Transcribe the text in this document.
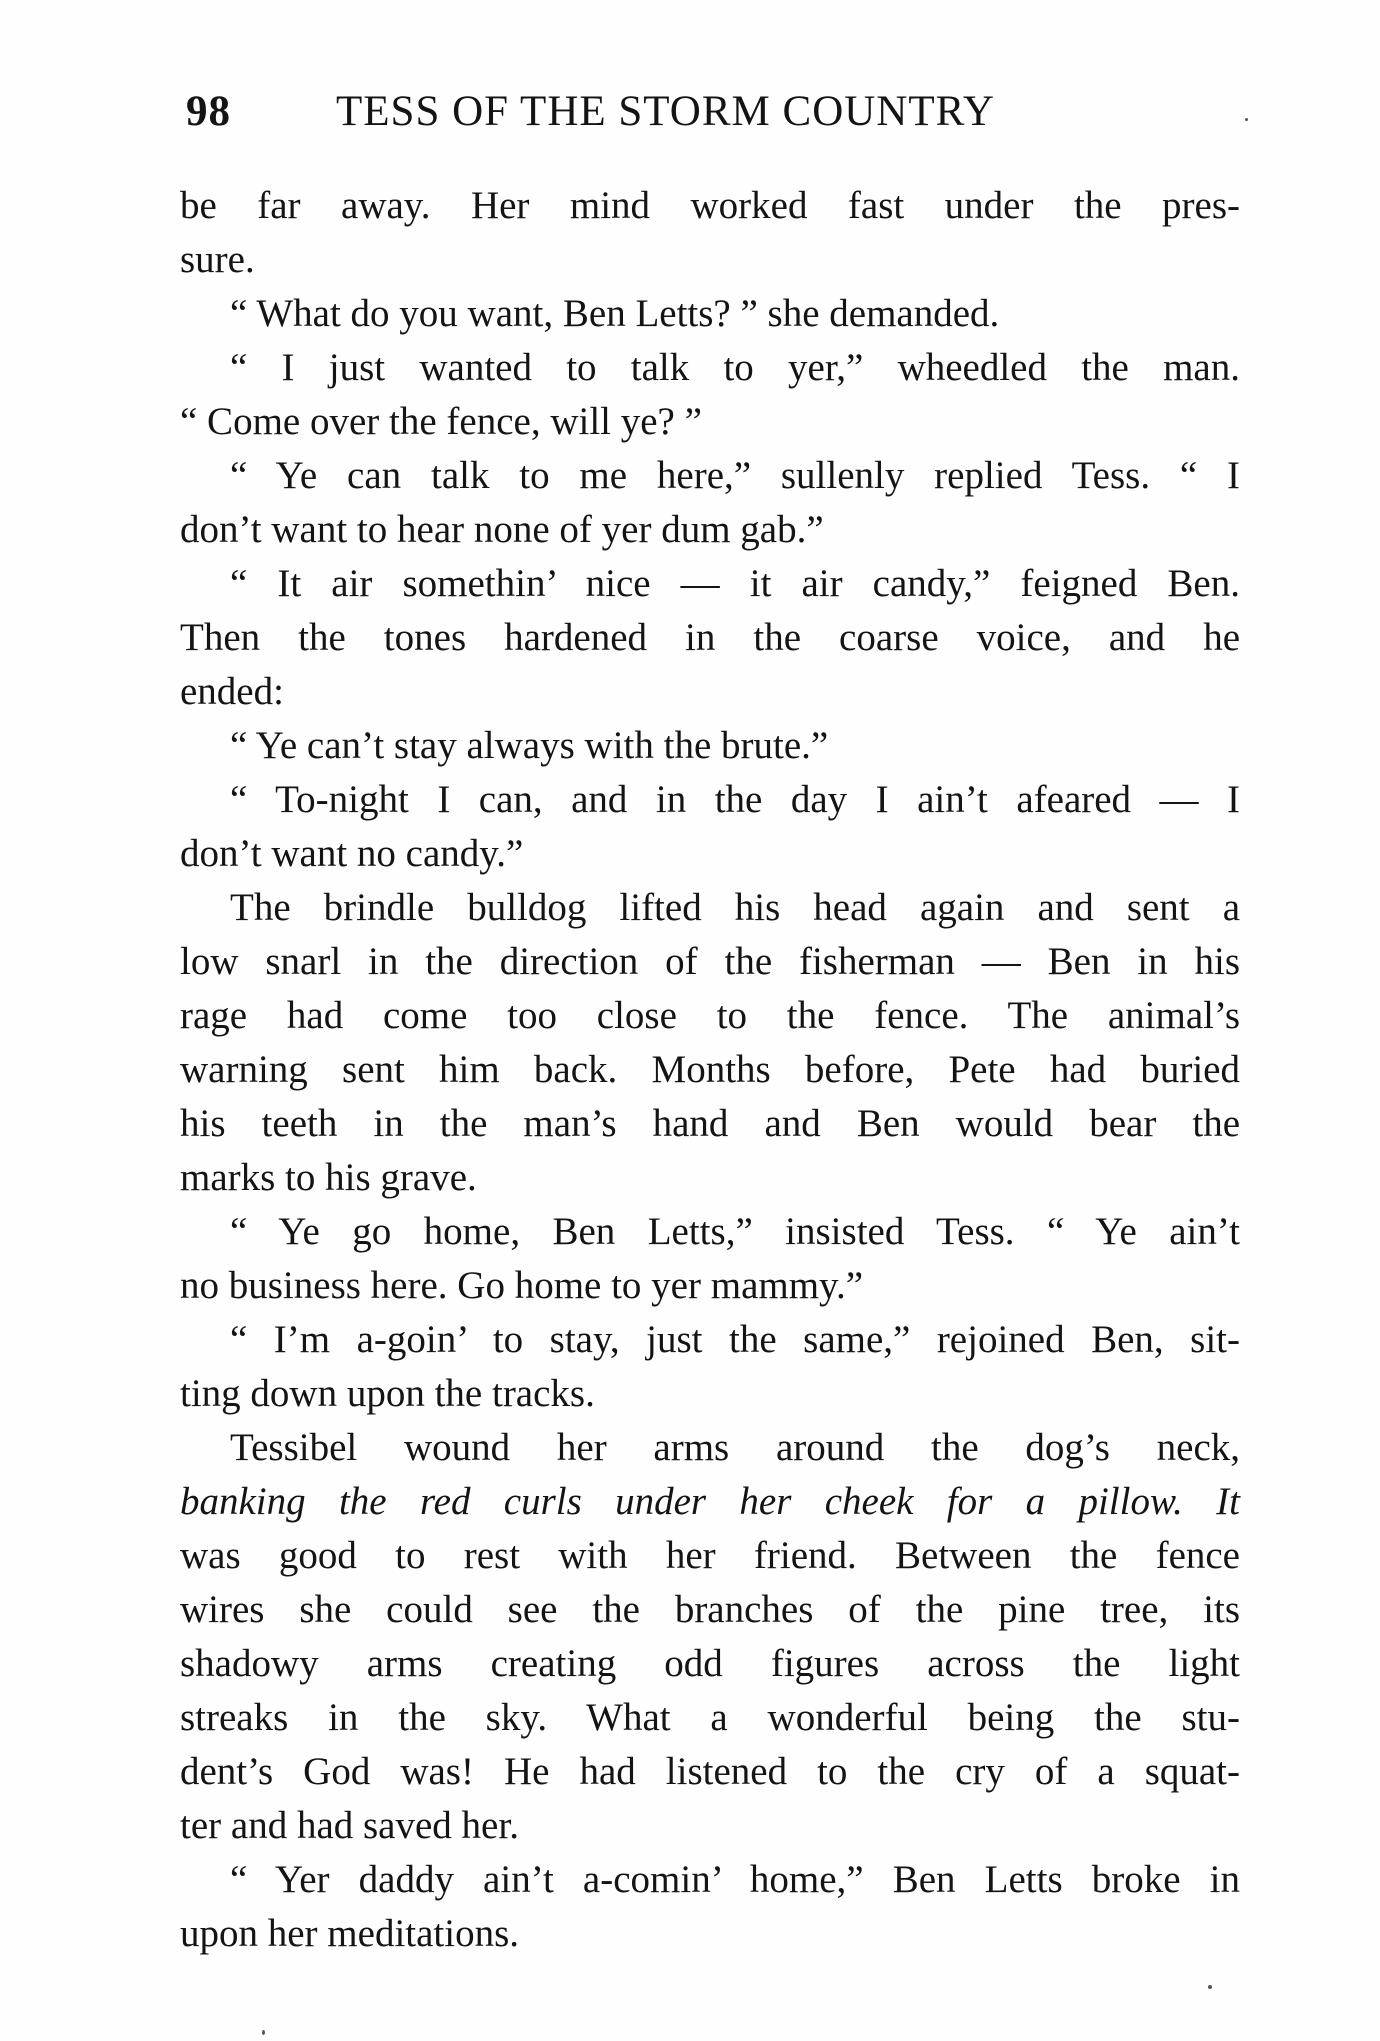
98 TESS OF THE STORM COUNTRY
be far away. Her mind worked fast under the pres-
sure.
“ What do you want, Ben Letts? ” she demanded.
“ I just wanted to talk to yer,” wheedled the man.
“ Come over the fence, will ye? ”
“ Ye can talk to me here,” sullenly replied Tess. “ I
don’t want to hear none of yer dum gab.”
“ It air somethin’ nice — it air candy,” feigned Ben.
Then the tones hardened in the coarse voice, and he
ended:
“ Ye can’t stay always with the brute.”
“ To-night I can, and in the day I ain’t afeared — I
don’t want no candy.”
The brindle bulldog lifted his head again and sent a
low snarl in the direction of the fisherman — Ben in his
rage had come too close to the fence. The animal’s
warning sent him back. Months before, Pete had buried
his teeth in the man’s hand and Ben would bear the
marks to his grave.
“ Ye go home, Ben Letts,” insisted Tess. “ Ye ain’t
no business here. Go home to yer mammy.”
“ I’m a-goin’ to stay, just the same,” rejoined Ben, sit-
ting down upon the tracks.
Tessibel wound her arms around the dog’s neck,
banking the red curls under her cheek for a pillow. It
was good to rest with her friend. Between the fence
wires she could see the branches of the pine tree, its
shadowy arms creating odd figures across the light
streaks in the sky. What a wonderful being the stu-
dent’s God was! He had listened to the cry of a squat-
ter and had saved her.
“ Yer daddy ain’t a-comin’ home,” Ben Letts broke in
upon her meditations.
